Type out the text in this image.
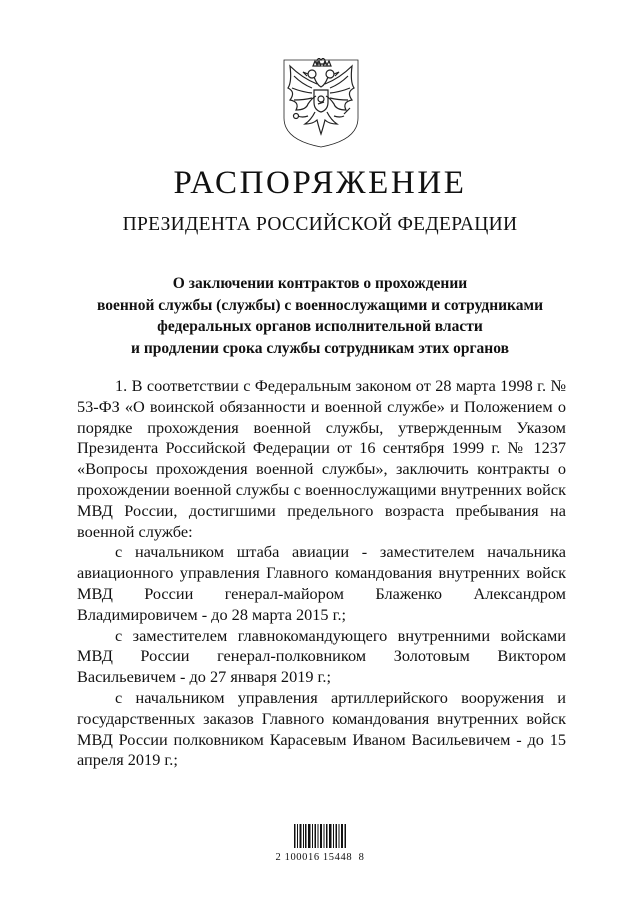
РАСПОРЯЖЕНИЕ
ПРЕЗИДЕНТА РОССИЙСКОЙ ФЕДЕРАЦИИ
О заключении контрактов о прохождении
военной службы (службы) с военнослужащими и сотрудниками
федеральных органов исполнительной власти
и продлении срока службы сотрудникам этих органов

1. В соответствии с Федеральным законом от 28 марта 1998 г. № 53-ФЗ «О воинской обязанности и военной службе» и Положением о порядке прохождения военной службы, утвержденным Указом Президента Российской Федерации от 16 сентября 1999 г. № 1237 «Вопросы прохождения военной службы», заключить контракты о прохождении военной службы с военнослужащими внутренних войск МВД России, достигшими предельного возраста пребывания на военной службе:

с начальником штаба авиации - заместителем начальника авиационного управления Главного командования внутренних войск МВД России генерал-майором Блаженко Александром Владимировичем - до 28 марта 2015 г.;

с заместителем главнокомандующего внутренними войсками МВД России генерал-полковником Золотовым Виктором Васильевичем - до 27 января 2019 г.;

с начальником управления артиллерийского вооружения и государственных заказов Главного командования внутренних войск МВД России полковником Карасевым Иваном Васильевичем - до 15 апреля 2019 г.;

2 100016 15448  8
